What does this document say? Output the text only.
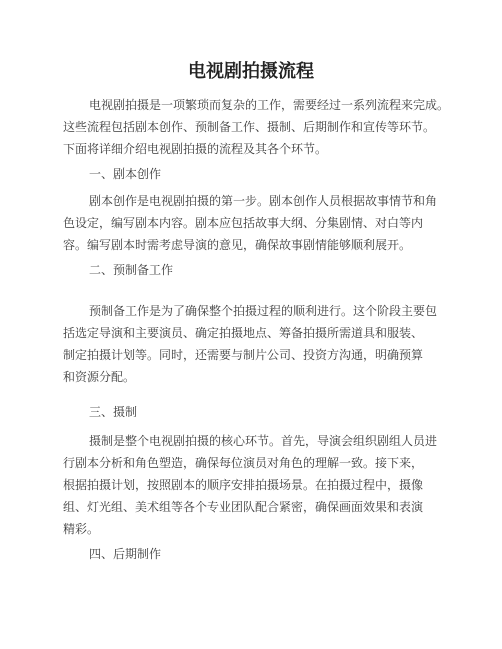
电视剧拍摄流程
电视剧拍摄是一项繁琐而复杂的工作，需要经过一系列流程来完成。
这些流程包括剧本创作、预制备工作、摄制、后期制作和宣传等环节。
下面将详细介绍电视剧拍摄的流程及其各个环节。
一、剧本创作
剧本创作是电视剧拍摄的第一步。剧本创作人员根据故事情节和角
色设定，编写剧本内容。剧本应包括故事大纲、分集剧情、对白等内
容。编写剧本时需考虑导演的意见，确保故事剧情能够顺利展开。
二、预制备工作
预制备工作是为了确保整个拍摄过程的顺利进行。这个阶段主要包
括选定导演和主要演员、确定拍摄地点、筹备拍摄所需道具和服装、
制定拍摄计划等。同时，还需要与制片公司、投资方沟通，明确预算
和资源分配。
三、摄制
摄制是整个电视剧拍摄的核心环节。首先，导演会组织剧组人员进
行剧本分析和角色塑造，确保每位演员对角色的理解一致。接下来，
根据拍摄计划，按照剧本的顺序安排拍摄场景。在拍摄过程中，摄像
组、灯光组、美术组等各个专业团队配合紧密，确保画面效果和表演
精彩。
四、后期制作
